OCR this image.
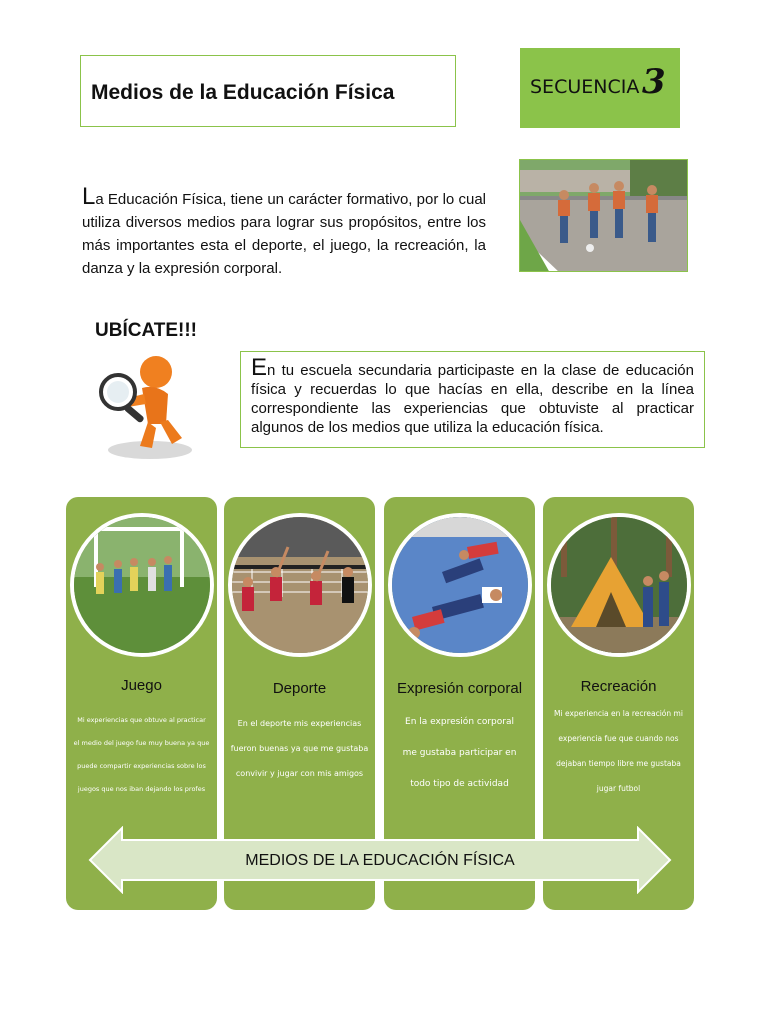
Medios de la Educación Física	SECUENCIA 3
La Educación Física, tiene un carácter formativo, por lo cual utiliza diversos medios para lograr sus propósitos, entre los más importantes esta el deporte, el juego, la recreación, la danza y la expresión corporal.
UBÍCATE!!!
En tu escuela secundaria participaste en la clase de educación física y recuerdas lo que hacías en ella, describe en la línea correspondiente las experiencias que obtuviste al practicar algunos de los medios que utiliza la educación física.
Juego
Mi experiencias que obtuve al practicar
el medio del juego fue muy buena ya que
puede compartir experiencias sobre los
juegos que nos iban dejando los profes
Deporte
En el deporte mis experiencias
fueron buenas ya que me gustaba
convivir y jugar con mis amigos
Expresión corporal
En la expresión corporal
me gustaba participar en
todo tipo de actividad
Recreación
Mi experiencia en la recreación mi
experiencia fue que cuando nos
dejaban tiempo libre me gustaba
jugar futbol
MEDIOS DE LA EDUCACIÓN FÍSICA
